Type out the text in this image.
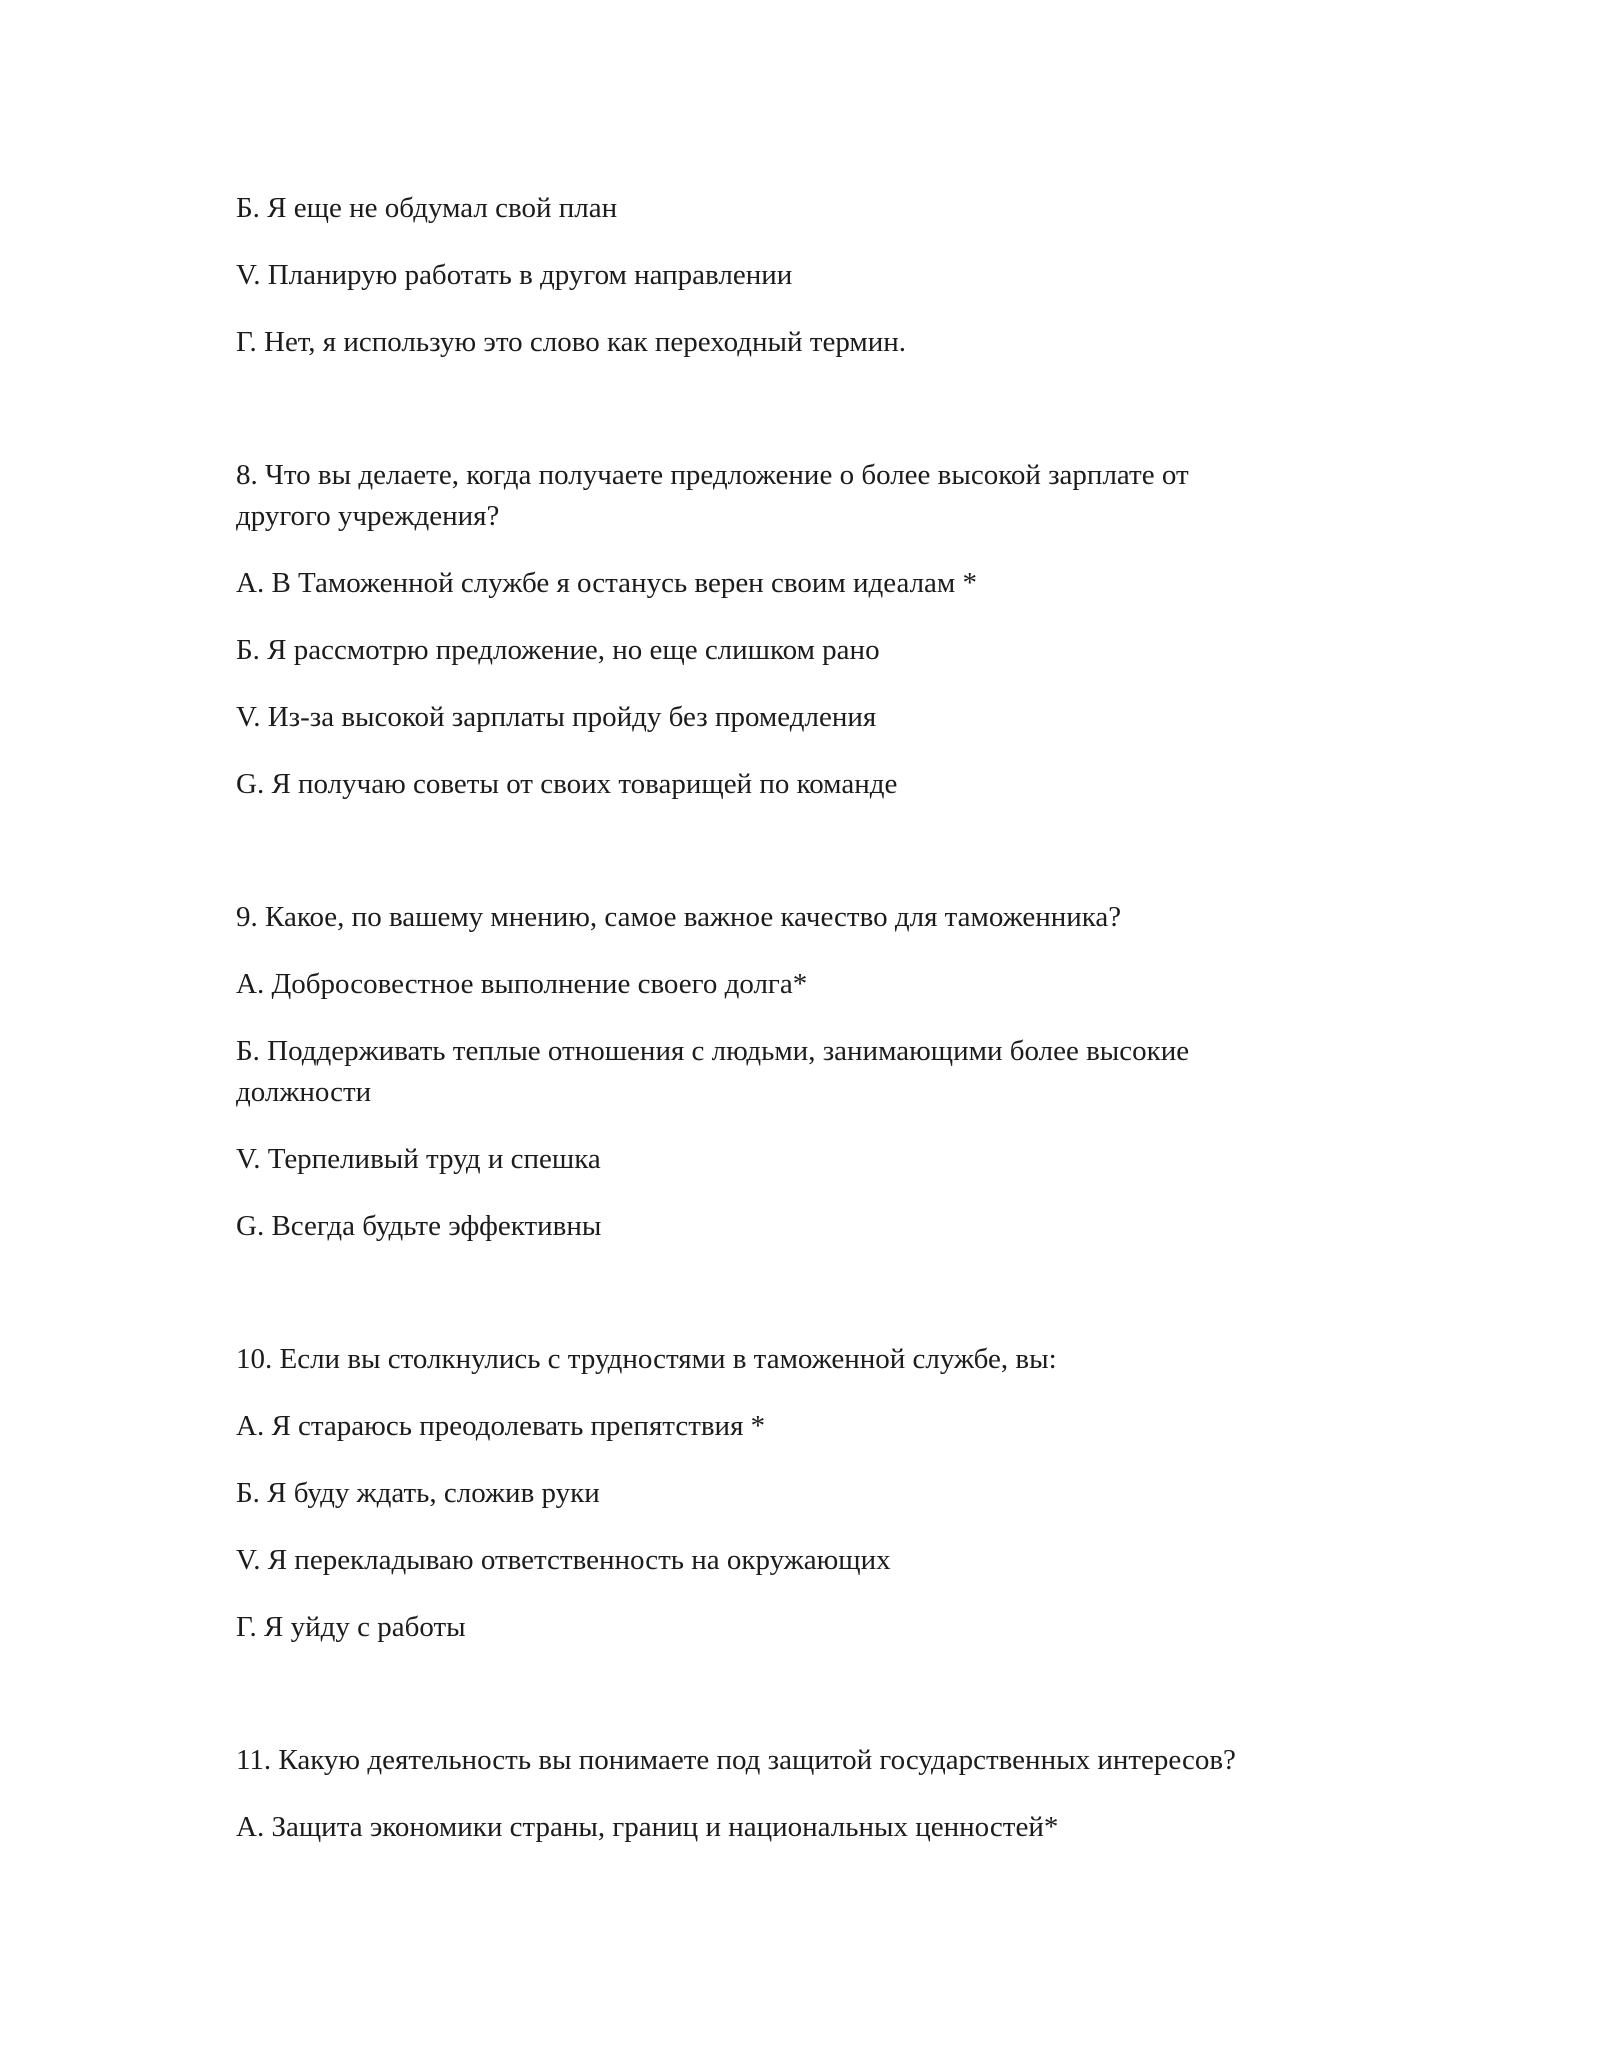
Б. Я еще не обдумал свой план
V. Планирую работать в другом направлении
Г. Нет, я использую это слово как переходный термин.
8. Что вы делаете, когда получаете предложение о более высокой зарплате от
другого учреждения?
А. В Таможенной службе я останусь верен своим идеалам *
Б. Я рассмотрю предложение, но еще слишком рано
V. Из-за высокой зарплаты пройду без промедления
G. Я получаю советы от своих товарищей по команде
9. Какое, по вашему мнению, самое важное качество для таможенника?
А. Добросовестное выполнение своего долга*
Б. Поддерживать теплые отношения с людьми, занимающими более высокие
должности
V. Терпеливый труд и спешка
G. Всегда будьте эффективны
10. Если вы столкнулись с трудностями в таможенной службе, вы:
А. Я стараюсь преодолевать препятствия *
Б. Я буду ждать, сложив руки
V. Я перекладываю ответственность на окружающих
Г. Я уйду с работы
11. Какую деятельность вы понимаете под защитой государственных интересов?
А. Защита экономики страны, границ и национальных ценностей*
